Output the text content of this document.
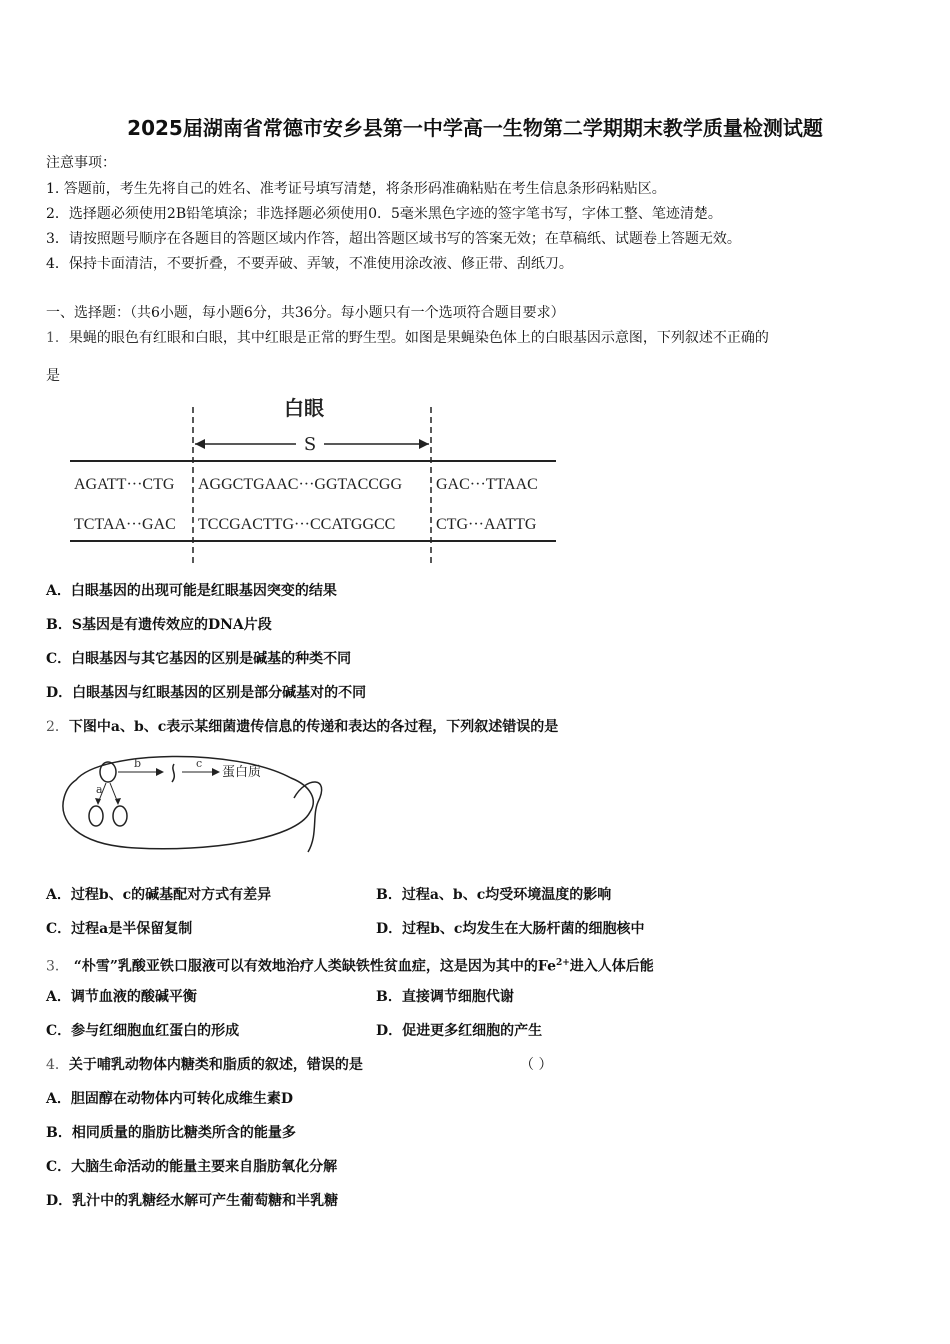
2025届湖南省常德市安乡县第一中学高一生物第二学期期末教学质量检测试题
注意事项：
1. 答题前，考生先将自己的姓名、准考证号填写清楚，将条形码准确粘贴在考生信息条形码粘贴区。
2．选择题必须使用2B铅笔填涂；非选择题必须使用0．5毫米黑色字迹的签字笔书写，字体工整、笔迹清楚。
3．请按照题号顺序在各题目的答题区域内作答，超出答题区域书写的答案无效；在草稿纸、试题卷上答题无效。
4．保持卡面清洁，不要折叠，不要弄破、弄皱，不准使用涂改液、修正带、刮纸刀。
一、选择题：（共6小题，每小题6分，共36分。每小题只有一个选项符合题目要求）
1．果蝇的眼色有红眼和白眼，其中红眼是正常的野生型。如图是果蝇染色体上的白眼基因示意图，下列叙述不正确的
是
白眼
S
AGATT···CTG AGGCTGAAC···GGTACCGG GAC···TTAAC
TCTAA···GAC TCCGACTTG···CCATGGCC	CTG···AATTG
A．白眼基因的出现可能是红眼基因突变的结果
B．S基因是有遗传效应的DNA片段
C．白眼基因与其它基因的区别是碱基的种类不同
D．白眼基因与红眼基因的区别是部分碱基对的不同
2．下图中a、b、c表示某细菌遗传信息的传递和表达的各过程，下列叙述错误的是
a
b	c
蛋白质
A．过程b、c的碱基配对方式有差异	B．过程a、b、c均受环境温度的影响
C．过程a是半保留复制	D．过程b、c均发生在大肠杆菌的细胞核中
3． “朴雪”乳酸亚铁口服液可以有效地治疗人类缺铁性贫血症，这是因为其中的$Fe^{2+}$进入人体后能
A．调节血液的酸碱平衡	B．直接调节细胞代谢
C．参与红细胞血红蛋白的形成	D．促进更多红细胞的产生
4．关于哺乳动物体内糖类和脂质的叙述，错误的是	（ ）
A．胆固醇在动物体内可转化成维生素D
B．相同质量的脂肪比糖类所含的能量多
C．大脑生命活动的能量主要来自脂肪氧化分解
D．乳汁中的乳糖经水解可产生葡萄糖和半乳糖
